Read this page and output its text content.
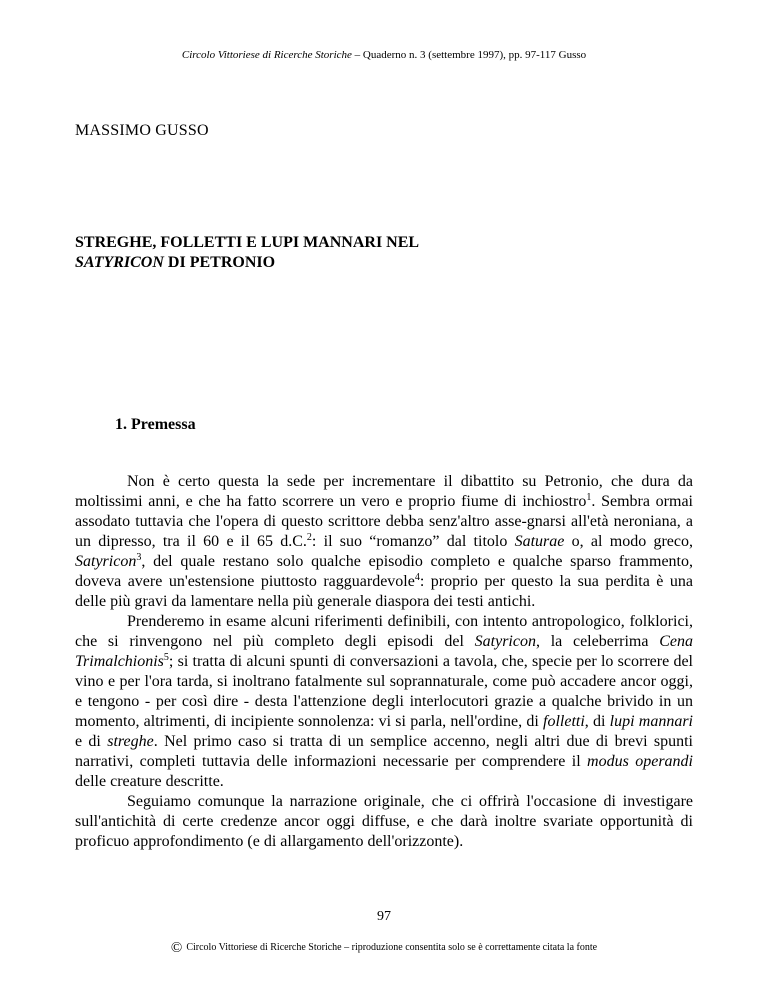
Circolo Vittoriese di Ricerche Storiche – Quaderno n. 3 (settembre 1997), pp. 97-117 Gusso
MASSIMO GUSSO
STREGHE, FOLLETTI E LUPI MANNARI NEL
SATYRICON DI PETRONIO
1. Premessa

Non è certo questa la sede per incrementare il dibattito su Petronio, che dura da moltissimi anni, e che ha fatto scorrere un vero e proprio fiume di inchiostro$^1$. Sembra ormai assodato tuttavia che l'opera di questo scrittore debba senz'altro asse-gnarsi all'età neroniana, a un dipresso, tra il 60 e il 65 d.C.$^2$: il suo “romanzo” dal titolo Saturae o, al modo greco, Satyricon$^3$, del quale restano solo qualche episodio completo e qualche sparso frammento, doveva avere un'estensione piuttosto ragguardevole$^4$: proprio per questo la sua perdita è una delle più gravi da lamentare nella più generale diaspora dei testi antichi.

Prenderemo in esame alcuni riferimenti definibili, con intento antropologico, folklorici, che si rinvengono nel più completo degli episodi del Satyricon, la celeberrima Cena Trimalchionis$^5$; si tratta di alcuni spunti di conversazioni a tavola, che, specie per lo scorrere del vino e per l'ora tarda, si inoltrano fatalmente sul soprannaturale, come può accadere ancor oggi, e tengono - per così dire - desta l'attenzione degli interlocutori grazie a qualche brivido in un momento, altrimenti, di incipiente sonnolenza: vi si parla, nell'ordine, di folletti, di lupi mannari e di streghe. Nel primo caso si tratta di un semplice accenno, negli altri due di brevi spunti narrativi, completi tuttavia delle informazioni necessarie per comprendere il modus operandi delle creature descritte.

Seguiamo comunque la narrazione originale, che ci offrirà l'occasione di investigare sull'antichità di certe credenze ancor oggi diffuse, e che darà inoltre svariate opportunità di proficuo approfondimento (e di allargamento dell'orizzonte).

97
© Circolo Vittoriese di Ricerche Storiche – riproduzione consentita solo se è correttamente citata la fonte
